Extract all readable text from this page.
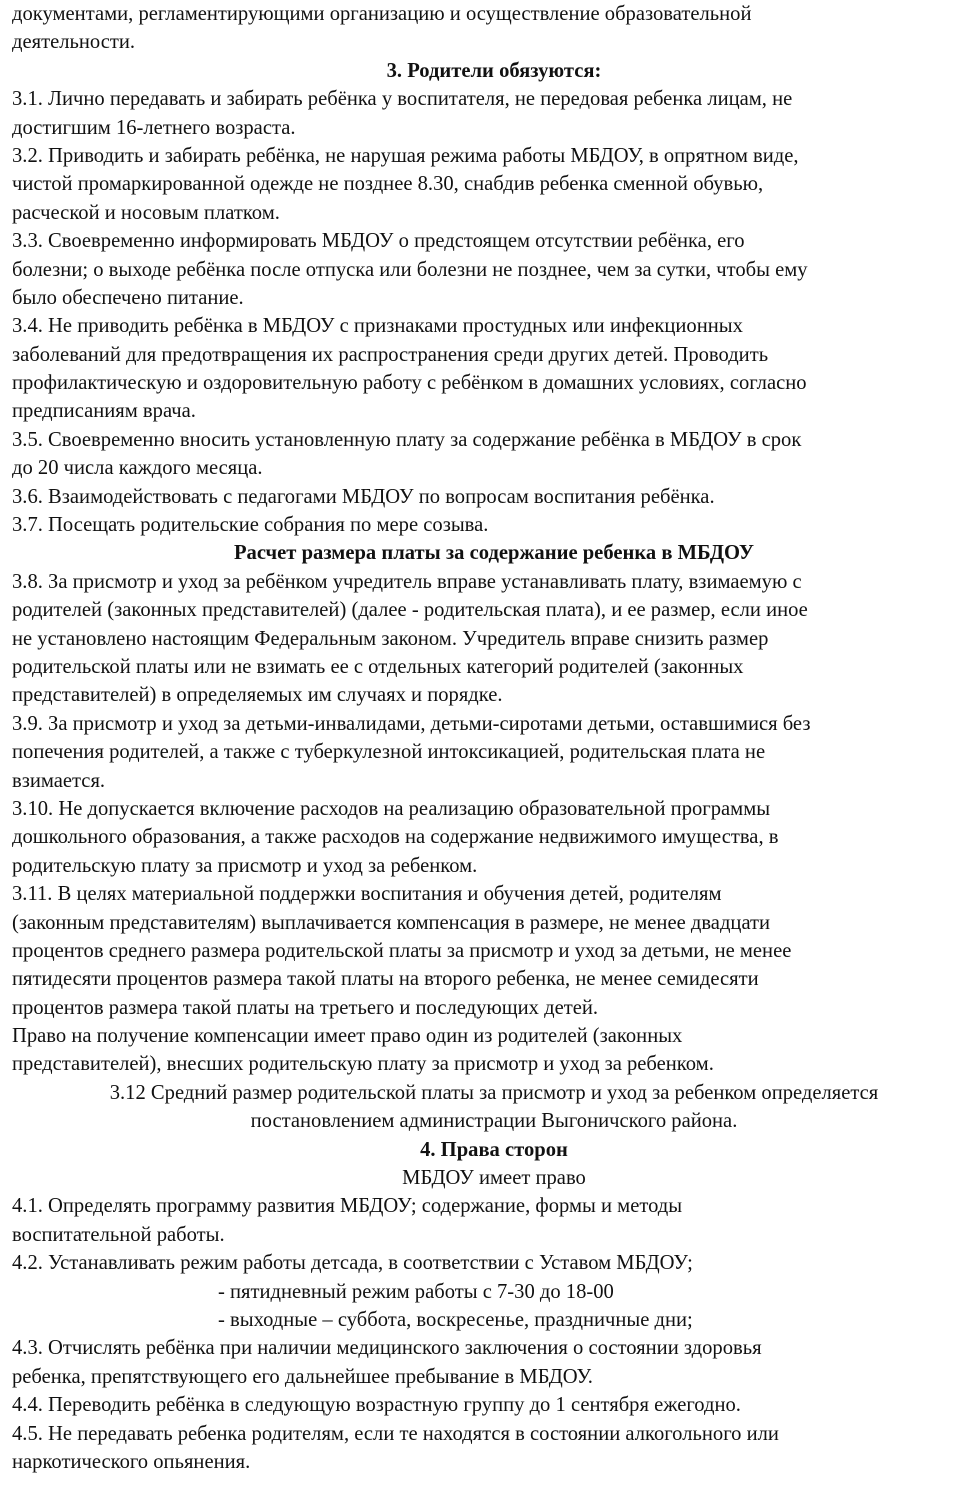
документами, регламентирующими организацию и осуществление образовательной
деятельности.
3. Родители обязуются:
3.1. Лично передавать и забирать ребёнка у воспитателя, не передовая ребенка лицам, не
достигшим 16-летнего возраста.
3.2. Приводить и забирать ребёнка, не нарушая режима работы МБДОУ, в опрятном виде,
чистой промаркированной одежде не позднее 8.30, снабдив ребенка сменной обувью,
расческой и носовым платком.
3.3. Своевременно информировать МБДОУ о предстоящем отсутствии ребёнка, его
болезни; о выходе ребёнка после отпуска или болезни не позднее, чем за сутки, чтобы ему
было обеспечено питание.
3.4. Не приводить ребёнка в МБДОУ с признаками простудных или инфекционных
заболеваний для предотвращения их распространения среди других детей. Проводить
профилактическую и оздоровительную работу с ребёнком в домашних условиях, согласно
предписаниям врача.
3.5. Своевременно вносить установленную плату за содержание ребёнка в МБДОУ в срок
до 20 числа каждого месяца.
3.6. Взаимодействовать с педагогами МБДОУ по вопросам воспитания ребёнка.
3.7. Посещать родительские собрания по мере созыва.
Расчет размера платы за содержание ребенка в МБДОУ
3.8. За присмотр и уход за ребёнком учредитель вправе устанавливать плату, взимаемую с
родителей (законных представителей) (далее - родительская плата), и ее размер, если иное
не установлено настоящим Федеральным законом. Учредитель вправе снизить размер
родительской платы или не взимать ее с отдельных категорий родителей (законных
представителей) в определяемых им случаях и порядке.
3.9. За присмотр и уход за детьми-инвалидами, детьми-сиротами детьми, оставшимися без
попечения родителей, а также с туберкулезной интоксикацией, родительская плата не
взимается.
3.10. Не допускается включение расходов на реализацию образовательной программы
дошкольного образования, а также расходов на содержание недвижимого имущества, в
родительскую плату за присмотр и уход за ребенком.
3.11. В целях материальной поддержки воспитания и обучения детей, родителям
(законным представителям) выплачивается компенсация в размере, не менее двадцати
процентов среднего размера родительской платы за присмотр и уход за детьми, не менее
пятидесяти процентов размера такой платы на второго ребенка, не менее семидесяти
процентов размера такой платы на третьего и последующих детей.
Право на получение компенсации имеет право один из родителей (законных
представителей), внесших родительскую плату за присмотр и уход за ребенком.
3.12 Средний размер родительской платы за присмотр и уход за ребенком определяется
постановлением администрации Выгоничского района.
4. Права сторон
МБДОУ имеет право
4.1. Определять программу развития МБДОУ; содержание, формы и методы
воспитательной работы.
4.2. Устанавливать режим работы детсада, в соответствии с Уставом МБДОУ;
- пятидневный режим работы с 7-30 до 18-00
- выходные – суббота, воскресенье, праздничные дни;
4.3. Отчислять ребёнка при наличии медицинского заключения о состоянии здоровья
ребенка, препятствующего его дальнейшее пребывание в МБДОУ.
4.4. Переводить ребёнка в следующую возрастную группу до 1 сентября ежегодно.
4.5. Не передавать ребенка родителям, если те находятся в состоянии алкогольного или
наркотического опьянения.
